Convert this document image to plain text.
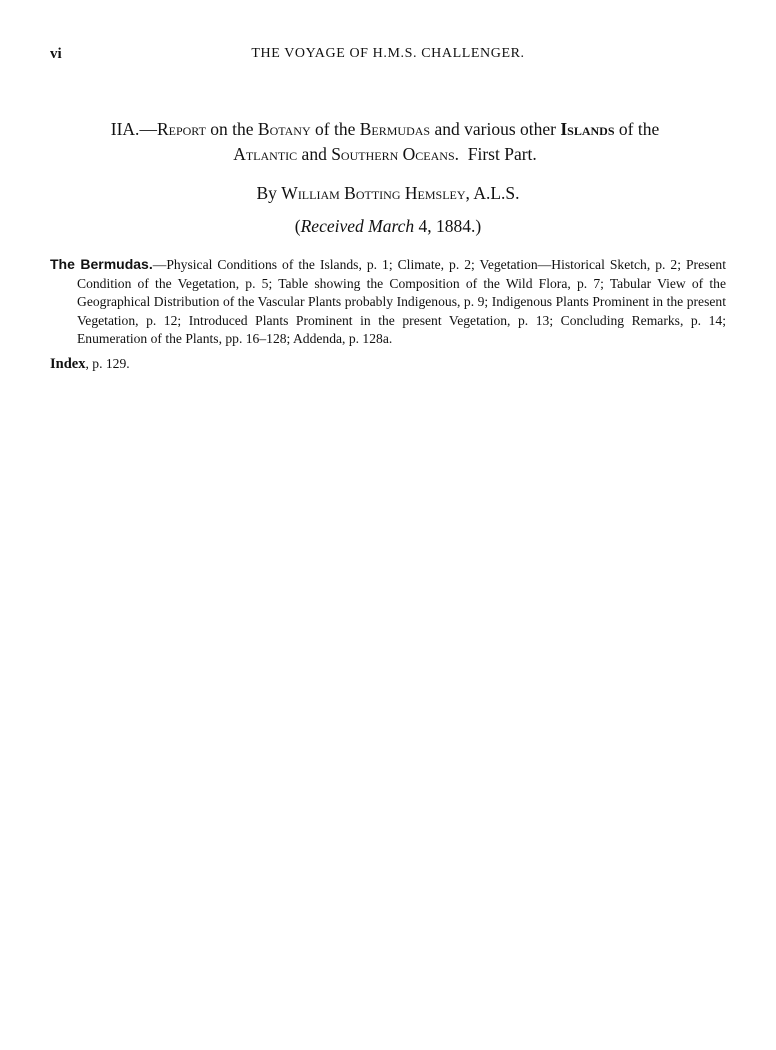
vi	THE VOYAGE OF H.M.S. CHALLENGER.
IIA.—Report on the Botany of the Bermudas and various other Islands of the
Atlantic and Southern Oceans.  First Part.
By William Botting Hemsley, A.L.S.
(Received March 4, 1884.)

The Bermudas.—Physical Conditions of the Islands, p. 1; Climate, p. 2; Vegetation—Historical Sketch, p. 2; Present Condition of the Vegetation, p. 5; Table showing the Composition of the Wild Flora, p. 7; Tabular View of the Geographical Distribution of the Vascular Plants probably Indigenous, p. 9; Indigenous Plants Prominent in the present Vegetation, p. 12; Introduced Plants Prominent in the present Vegetation, p. 13; Concluding Remarks, p. 14; Enumeration of the Plants, pp. 16–128; Addenda, p. 128a.

Index, p. 129.
